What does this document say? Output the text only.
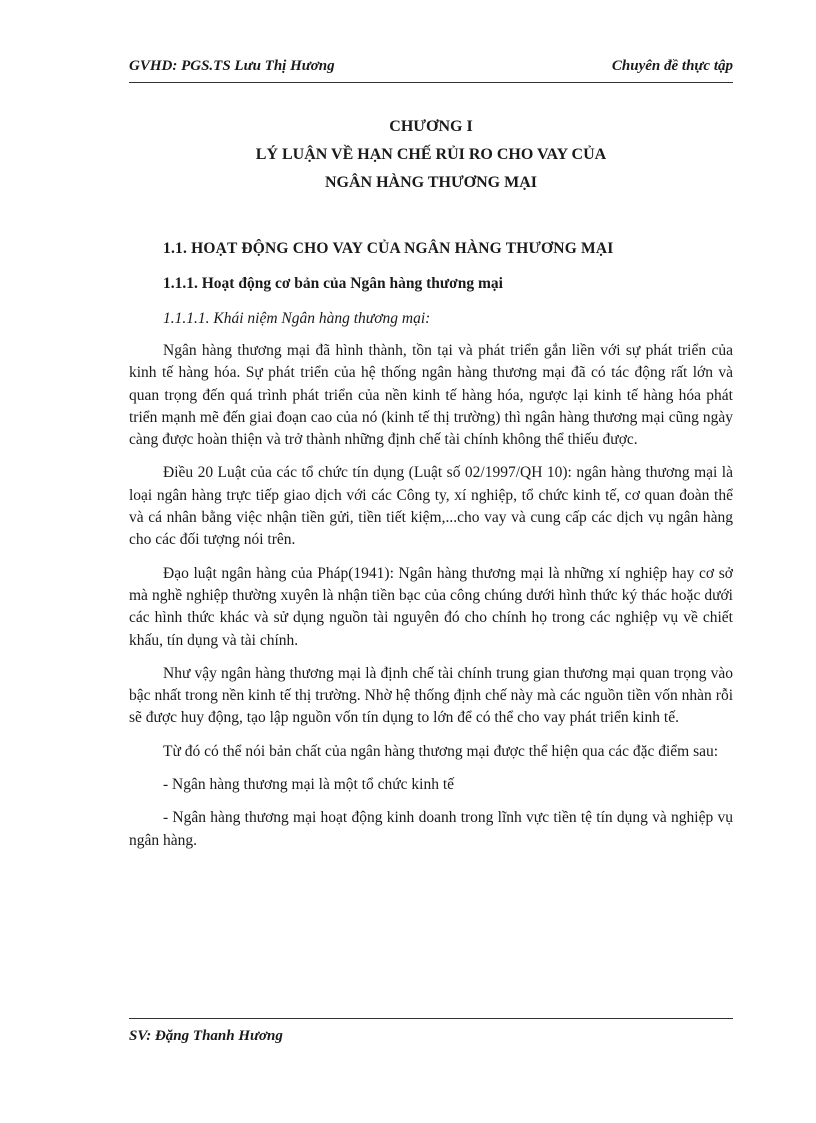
GVHD: PGS.TS Lưu Thị Hương	Chuyên đề thực tập
CHƯƠNG I
LÝ LUẬN VỀ HẠN CHẾ RỦI RO CHO VAY CỦA
NGÂN HÀNG THƯƠNG MẠI
1.1. HOẠT ĐỘNG CHO VAY CỦA NGÂN HÀNG THƯƠNG MẠI
1.1.1. Hoạt động cơ bản của Ngân hàng thương mại
1.1.1.1. Khái niệm Ngân hàng thương mại:

Ngân hàng thương mại đã hình thành, tồn tại và phát triển gắn liền với sự phát triển của kinh tế hàng hóa. Sự phát triển của hệ thống ngân hàng thương mại đã có tác động rất lớn và quan trọng đến quá trình phát triển của nền kinh tế hàng hóa, ngược lại kinh tế hàng hóa phát triển mạnh mẽ đến giai đoạn cao của nó (kinh tế thị trường) thì ngân hàng thương mại cũng ngày càng được hoàn thiện và trở thành những định chế tài chính không thể thiếu được.

Điều 20 Luật của các tổ chức tín dụng (Luật số 02/1997/QH 10): ngân hàng thương mại là loại ngân hàng trực tiếp giao dịch với các Công ty, xí nghiệp, tổ chức kinh tế, cơ quan đoàn thể và cá nhân bằng việc nhận tiền gửi, tiền tiết kiệm,...cho vay và cung cấp các dịch vụ ngân hàng cho các đối tượng nói trên.

Đạo luật ngân hàng của Pháp(1941): Ngân hàng thương mại là những xí nghiệp hay cơ sở mà nghề nghiệp thường xuyên là nhận tiền bạc của công chúng dưới hình thức ký thác hoặc dưới các hình thức khác và sử dụng nguồn tài nguyên đó cho chính họ trong các nghiệp vụ về chiết khấu, tín dụng và tài chính.

Như vậy ngân hàng thương mại là định chế tài chính trung gian thương mại quan trọng vào bậc nhất trong nền kinh tế thị trường. Nhờ hệ thống định chế này mà các nguồn tiền vốn nhàn rỗi sẽ được huy động, tạo lập nguồn vốn tín dụng to lớn để có thể cho vay phát triển kinh tế.

Từ đó có thể nói bản chất của ngân hàng thương mại được thể hiện qua các đặc điểm sau:

- Ngân hàng thương mại là một tổ chức kinh tế

- Ngân hàng thương mại hoạt động kinh doanh trong lĩnh vực tiền tệ tín dụng và nghiệp vụ ngân hàng.

SV: Đặng Thanh Hương
